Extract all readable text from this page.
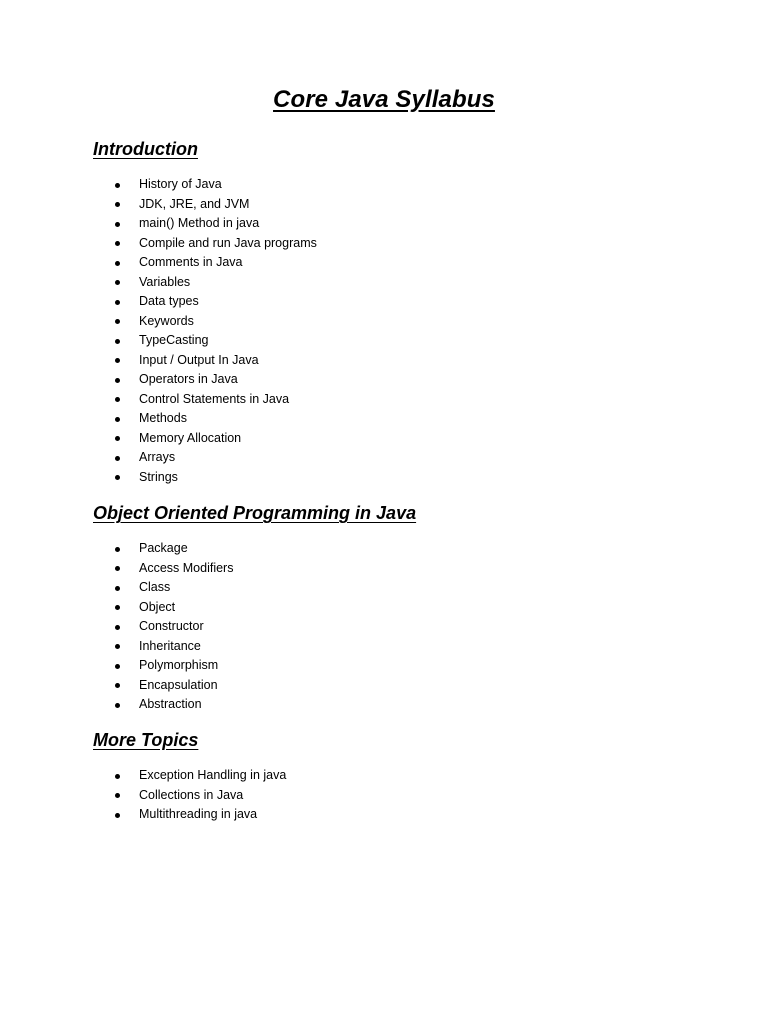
Core Java Syllabus
Introduction
History of Java
JDK, JRE, and JVM
main() Method in java
Compile and run Java programs
Comments in Java
Variables
Data types
Keywords
TypeCasting
Input / Output In Java
Operators in Java
Control Statements in Java
Methods
Memory Allocation
Arrays
Strings
Object Oriented Programming in Java
Package
Access Modifiers
Class
Object
Constructor
Inheritance
Polymorphism
Encapsulation
Abstraction
More Topics
Exception Handling in java
Collections in Java
Multithreading in java
